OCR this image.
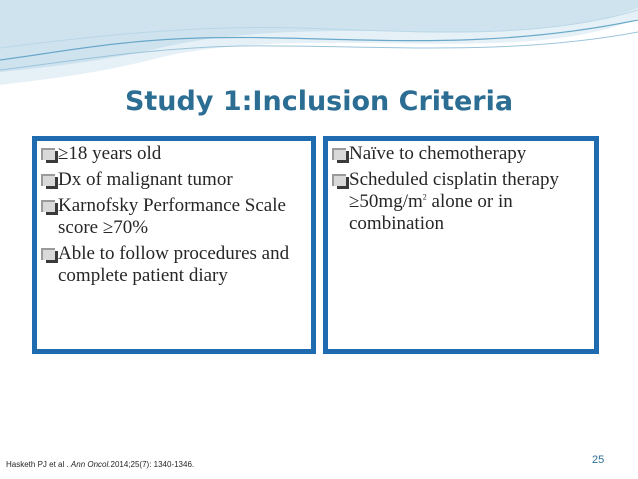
Study 1:Inclusion Criteria
≥18 years old
Dx of malignant tumor
Karnofsky Performance Scale score ≥70%
Able to follow procedures and complete patient diary
Naïve to chemotherapy
Scheduled cisplatin therapy $\ge 50mg/m^2$ alone or in combination
Hasketh PJ et al . Ann Oncol.2014;25(7): 1340-1346.	25
